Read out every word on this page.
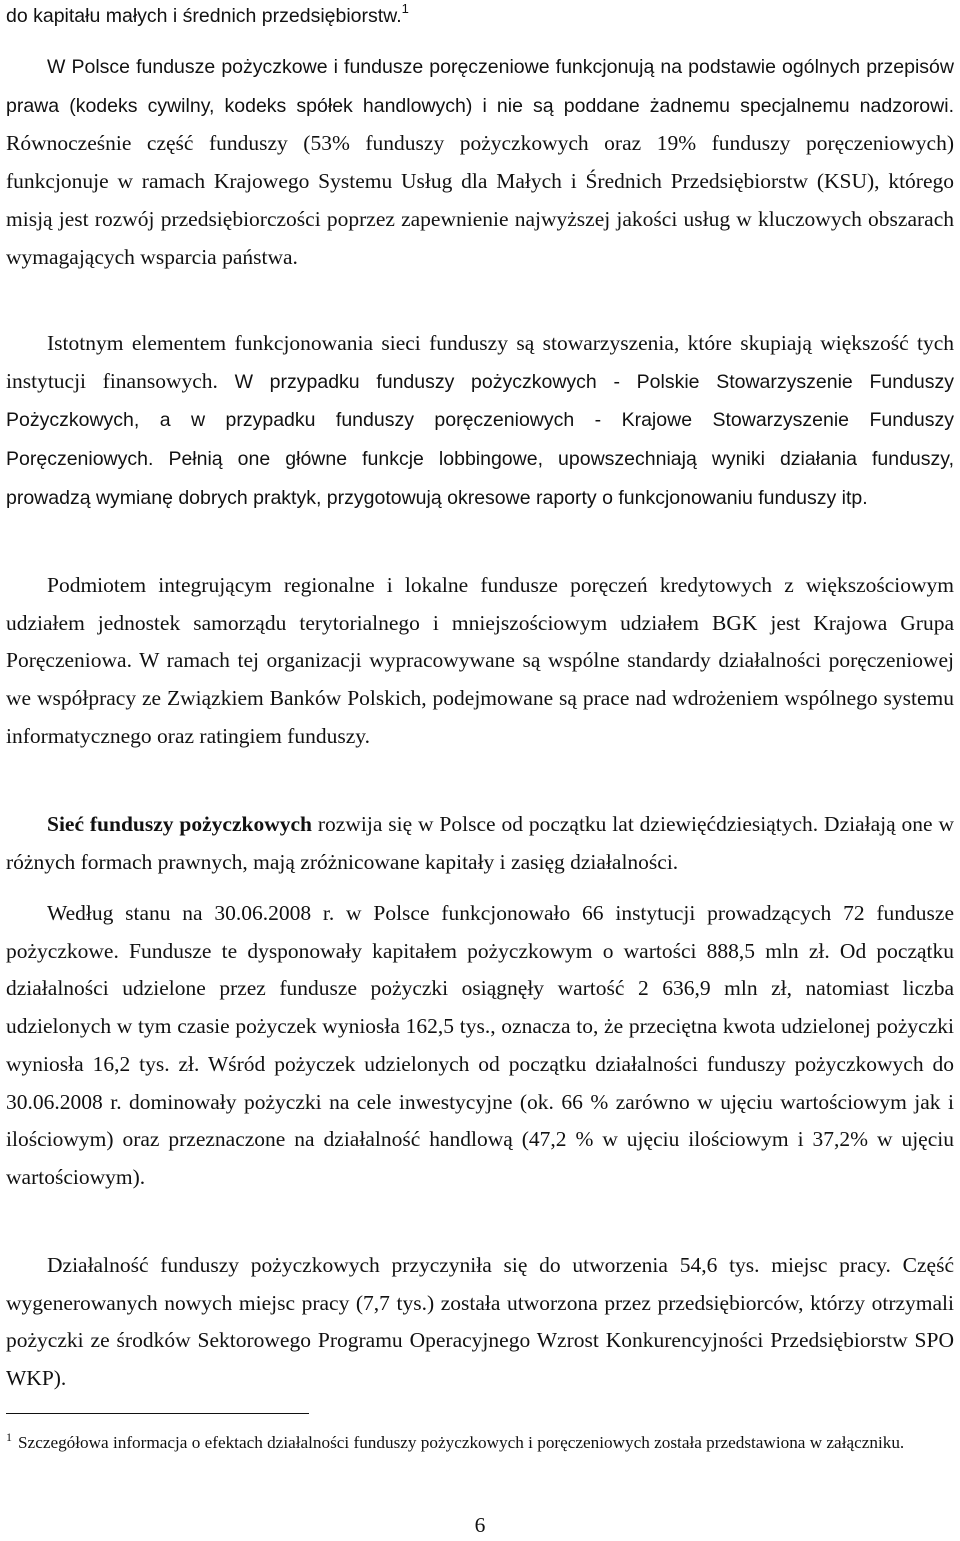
do kapitału małych i średnich przedsiębiorstw.$^1$

W Polsce fundusze pożyczkowe i fundusze poręczeniowe funkcjonują na podstawie ogólnych przepisów prawa (kodeks cywilny, kodeks spółek handlowych) i nie są poddane żadnemu specjalnemu nadzorowi. Równocześnie część funduszy (53% funduszy pożyczkowych oraz 19% funduszy poręczeniowych) funkcjonuje w ramach Krajowego Systemu Usług dla Małych i Średnich Przedsiębiorstw (KSU), którego misją jest rozwój przedsiębiorczości poprzez zapewnienie najwyższej jakości usług w kluczowych obszarach wymagających wsparcia państwa.

Istotnym elementem funkcjonowania sieci funduszy są stowarzyszenia, które skupiają większość tych instytucji finansowych. W przypadku funduszy pożyczkowych - Polskie Stowarzyszenie Funduszy Pożyczkowych, a w przypadku funduszy poręczeniowych - Krajowe Stowarzyszenie Funduszy Poręczeniowych. Pełnią one główne funkcje lobbingowe, upowszechniają wyniki działania funduszy, prowadzą wymianę dobrych praktyk, przygotowują okresowe raporty o funkcjonowaniu funduszy itp.

Podmiotem integrującym regionalne i lokalne fundusze poręczeń kredytowych z większościowym udziałem jednostek samorządu terytorialnego i mniejszościowym udziałem BGK jest Krajowa Grupa Poręczeniowa. W ramach tej organizacji wypracowywane są wspólne standardy działalności poręczeniowej we współpracy ze Związkiem Banków Polskich, podejmowane są prace nad wdrożeniem wspólnego systemu informatycznego oraz ratingiem funduszy.

Sieć funduszy pożyczkowych rozwija się w Polsce od początku lat dziewięćdziesiątych. Działają one w różnych formach prawnych, mają zróżnicowane kapitały i zasięg działalności.

Według stanu na 30.06.2008 r. w Polsce funkcjonowało 66 instytucji prowadzących 72 fundusze pożyczkowe. Fundusze te dysponowały kapitałem pożyczkowym o wartości 888,5 mln zł. Od początku działalności udzielone przez fundusze pożyczki osiągnęły wartość 2 636,9 mln zł, natomiast liczba udzielonych w tym czasie pożyczek wyniosła 162,5 tys., oznacza to, że przeciętna kwota udzielonej pożyczki wyniosła 16,2 tys. zł. Wśród pożyczek udzielonych od początku działalności funduszy pożyczkowych do 30.06.2008 r. dominowały pożyczki na cele inwestycyjne (ok. 66 % zarówno w ujęciu wartościowym jak i ilościowym) oraz przeznaczone na działalność handlową (47,2 % w ujęciu ilościowym i 37,2% w ujęciu wartościowym).

Działalność funduszy pożyczkowych przyczyniła się do utworzenia 54,6 tys. miejsc pracy. Część wygenerowanych nowych miejsc pracy (7,7 tys.) została utworzona przez przedsiębiorców, którzy otrzymali pożyczki ze środków Sektorowego Programu Operacyjnego Wzrost Konkurencyjności Przedsiębiorstw SPO WKP).

$^1$ Szczegółowa informacja o efektach działalności funduszy pożyczkowych i poręczeniowych została przedstawiona w załączniku.

6
